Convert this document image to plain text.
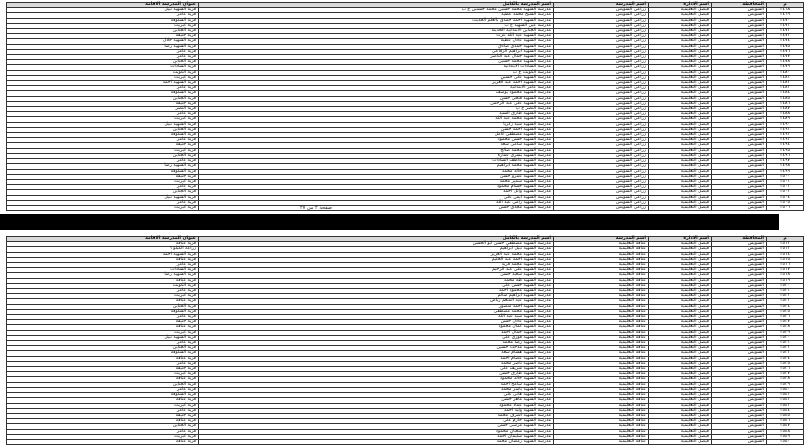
عنوان المدرسة الاقامة	اسم المدرسة بالكامل	اسم المدرسة	اسم الادارة	المحافظة	م
قرية الشهيد نبيل	مدرسة الشهيد محمد حسين محمد حسنين ع ب	زراعى السويس	فيصل التعليمية	السويس	٢٤٦٨
قرية عامر	مدرسة الشيخ محمد عطية	زراعى السويس	فيصل التعليمية	السويس	٢٤٦٩
قرية الشلوفة	مدرسة الشهيد احمد حمدى بالعلم الحديث	زراعى السويس	فيصل التعليمية	السويس	٢٤٧٠
قرية كبريت	مدرسة عين الشهيد ع ب	زراعى السويس	فيصل التعليمية	السويس	٢٤٧١
قرية الجناين	مدرسة الجناين الابتدائية الحديثة	زراعى السويس	فيصل التعليمية	السويس	٢٤٧٢
قرية جنيفة	مدرسة الشهيد عبد الله عزت	زراعى السويس	فيصل التعليمية	السويس	٢٤٧٣
قرية الشهيد جلال	مدرسة الشهيد عادل عطية	زراعى السويس	فيصل التعليمية	السويس	٢٤٧٤
قرية الشهيد رضا	مدرسة الشهيد حمدى صادق	زراعى السويس	فيصل التعليمية	السويس	٢٤٧٥
قرية عامر	مدرسة الشهيد ابراهيم الرفاعى	زراعى السويس	فيصل التعليمية	السويس	٢٤٧٦
قرية عامر	مدرسة الشهيد جمال عبد الناصر	زراعى السويس	فيصل التعليمية	السويس	٢٤٧٧
قرية الجناين	مدرسة الشهيد محمد حسين	زراعى السويس	فيصل التعليمية	السويس	٢٤٧٨
قرية السادات	مدرسة السادات الابتدائية	زراعى السويس	فيصل التعليمية	السويس	٢٤٧٩
قرية الكويت	مدرسة الكويت ع ب	زراعى السويس	فيصل التعليمية	السويس	٢٤٨٠
قرية كبريت	مدرسة الشهيد على حسين	زراعى السويس	فيصل التعليمية	السويس	٢٤٨١
قرية الشهيد احمد	مدرسة الشهيد احمد عبد العزيز	زراعى السويس	فيصل التعليمية	السويس	٢٤٨٢
قرية عامر	مدرسة عامر الابتدائية	زراعى السويس	فيصل التعليمية	السويس	٢٤٨٣
قرية الشلوفة	مدرسة الشهيد محمود يوسف	زراعى السويس	فيصل التعليمية	السويس	٢٤٨٤
قرية الجناين	مدرسة الشهيد فتحى حسن	زراعى السويس	فيصل التعليمية	السويس	٢٤٨٥
قرية جنيفة	مدرسة الشهيد على عبد الرحمن	زراعى السويس	فيصل التعليمية	السويس	٢٤٨٦
قرية النصر	مدرسة النصر ع ب	زراعى السويس	فيصل التعليمية	السويس	٢٤٨٧
قرية عامر	مدرسة الشهيد طارق السيد	زراعى السويس	فيصل التعليمية	السويس	٢٤٨٨
قرية كبريت	مدرسة الشهيد محمد عبد الله	زراعى السويس	فيصل التعليمية	السويس	٢٤٨٩
قرية الشهيد نبيل	مدرسة الشهيد سيد زكريا	زراعى السويس	فيصل التعليمية	السويس	٢٤٩٠
قرية الجناين	مدرسة الشهيد احمد حسن	زراعى السويس	فيصل التعليمية	السويس	٢٤٩١
قرية الشلوفة	مدرسة الشهيد مصطفى كامل	زراعى السويس	فيصل التعليمية	السويس	٢٤٩٢
قرية عامر	مدرسة الشهيد حسن محمود	زراعى السويس	فيصل التعليمية	السويس	٢٤٩٣
قرية جنيفة	مدرسة الشهيد سامى سعد	زراعى السويس	فيصل التعليمية	السويس	٢٤٩٤
قرية كبريت	مدرسة الشهيد محمد صالح	زراعى السويس	فيصل التعليمية	السويس	٢٤٩٥
قرية الجناين	مدرسة الشهيد يسرى عمارة	زراعى السويس	فيصل التعليمية	السويس	٢٤٩٦
قرية عامر	مدرسة الشهيد عاطف السادات	زراعى السويس	فيصل التعليمية	السويس	٢٤٩٧
قرية الشهيد رضا	مدرسة الشهيد محمد ابراهيم	زراعى السويس	فيصل التعليمية	السويس	٢٤٩٨
قرية الشلوفة	مدرسة الشهيد خالد محمد	زراعى السويس	فيصل التعليمية	السويس	٢٤٩٩
قرية جنيفة	مدرسة الشهيد عمرو حسن	زراعى السويس	فيصل التعليمية	السويس	٢٥٠٠
قرية كبريت	مدرسة الشهيد سمير محمد	زراعى السويس	فيصل التعليمية	السويس	٢٥٠١
قرية عامر	مدرسة الشهيد حسام محمود	زراعى السويس	فيصل التعليمية	السويس	٢٥٠٢
قرية الجناين	مدرسة الشهيد وائل احمد	زراعى السويس	فيصل التعليمية	السويس	٢٥٠٣
قرية الشهيد نبيل	مدرسة الشهيد ايمن على	زراعى السويس	فيصل التعليمية	السويس	٢٥٠٤
قرية عامر	مدرسة الشهيد رامى عبد الله	زراعى السويس	فيصل التعليمية	السويس	٢٥٠٥
قرية كبريت	مدرسة الشهيد مجدى حسن	زراعى السويس	فيصل التعليمية	السويس	٢٥٠٦
صفحة ٢ من ٢٧
عنوان المدرسة الاقامة	اسم المدرسة بالكامل	اسم المدرسة	اسم الادارة	المحافظة	م
قرية عتاقة	مدرسة الشهيد مصطفى حسن ابو الحسن	عتاقة التعليمية	فيصل التعليمية	السويس	٢٥١٢
زراعة الكيلو ٦	مدرسة الشهيد نبيل ابراهيم	عتاقة التعليمية	فيصل التعليمية	السويس	٢٥١٣
قرية الشهيد احمد	مدرسة الشهيد محمد عبد العزيز	عتاقة التعليمية	فيصل التعليمية	السويس	٢٥١٤
قرية عتاقة	مدرسة الشهيد احمد عبد الحليم	عتاقة التعليمية	فيصل التعليمية	السويس	٢٥١٥
قرية عامر	مدرسة الشهيد محمد فريد	عتاقة التعليمية	فيصل التعليمية	السويس	٢٥١٦
قرية السادات	مدرسة الشهيد على عبد الرحيم	عتاقة التعليمية	فيصل التعليمية	السويس	٢٥١٧
قرية الشهيد رضا	مدرسة الشهيد سعيد حسن	عتاقة التعليمية	فيصل التعليمية	السويس	٢٥١٨
قرية عتاقة	مدرسة الشهيد طه محمد	عتاقة التعليمية	فيصل التعليمية	السويس	٢٥١٩
قرية الكويت	مدرسة الشهيد حسن على	عتاقة التعليمية	فيصل التعليمية	السويس	٢٥٢٠
قرية عامر	مدرسة الشهيد محمود احمد	عتاقة التعليمية	فيصل التعليمية	السويس	٢٥٢١
قرية كبريت	مدرسة الشهيد ابراهيم سالم	عتاقة التعليمية	فيصل التعليمية	السويس	٢٥٢٢
قرية عتاقة	مدرسة الشهيد عبد المنعم رياض	عتاقة التعليمية	فيصل التعليمية	السويس	٢٥٢٣
قرية الجناين	مدرسة الشهيد احمد منصور	عتاقة التعليمية	فيصل التعليمية	السويس	٢٥٢٤
قرية الشلوفة	مدرسة الشهيد محمد مصطفى	عتاقة التعليمية	فيصل التعليمية	السويس	٢٥٢٥
قرية عامر	مدرسة الشهيد سيد عبد الله	عتاقة التعليمية	فيصل التعليمية	السويس	٢٥٢٦
قرية جنيفة	مدرسة الشهيد عادل حسن	عتاقة التعليمية	فيصل التعليمية	السويس	٢٥٢٧
قرية عتاقة	مدرسة الشهيد كمال محمود	عتاقة التعليمية	فيصل التعليمية	السويس	٢٥٢٨
قرية كبريت	مدرسة الشهيد جمال احمد	عتاقة التعليمية	فيصل التعليمية	السويس	٢٥٢٩
قرية الشهيد نبيل	مدرسة الشهيد فوزى على	عتاقة التعليمية	فيصل التعليمية	السويس	٢٥٣٠
قرية عامر	مدرسة الشهيد رضا محمد	عتاقة التعليمية	فيصل التعليمية	السويس	٢٥٣١
قرية الجناين	مدرسة الشهيد مدحت حسين	عتاقة التعليمية	فيصل التعليمية	السويس	٢٥٣٢
قرية الشلوفة	مدرسة الشهيد هشام سعد	عتاقة التعليمية	فيصل التعليمية	السويس	٢٥٣٣
قرية عتاقة	مدرسة الشهيد عصام احمد	عتاقة التعليمية	فيصل التعليمية	السويس	٢٥٣٤
قرية عامر	مدرسة الشهيد ناصر محمد	عتاقة التعليمية	فيصل التعليمية	السويس	٢٥٣٥
قرية جنيفة	مدرسة الشهيد شريف على	عتاقة التعليمية	فيصل التعليمية	السويس	٢٥٣٦
قرية كبريت	مدرسة الشهيد طارق حسن	عتاقة التعليمية	فيصل التعليمية	السويس	٢٥٣٧
قرية عتاقة	مدرسة الشهيد خالد محمود	عتاقة التعليمية	فيصل التعليمية	السويس	٢٥٣٨
قرية الجناين	مدرسة الشهيد سامح احمد	عتاقة التعليمية	فيصل التعليمية	السويس	٢٥٣٩
قرية عامر	مدرسة الشهيد ياسر محمد	عتاقة التعليمية	فيصل التعليمية	السويس	٢٥٤٠
قرية الشلوفة	مدرسة الشهيد هانى على	عتاقة التعليمية	فيصل التعليمية	السويس	٢٥٤١
قرية عتاقة	مدرسة الشهيد ماهر حسن	عتاقة التعليمية	فيصل التعليمية	السويس	٢٥٤٢
قرية كبريت	مدرسة الشهيد عماد محمود	عتاقة التعليمية	فيصل التعليمية	السويس	٢٥٤٣
قرية عامر	مدرسة الشهيد وليد احمد	عتاقة التعليمية	فيصل التعليمية	السويس	٢٥٤٤
قرية جنيفة	مدرسة الشهيد اشرف محمد	عتاقة التعليمية	فيصل التعليمية	السويس	٢٥٤٥
قرية عتاقة	مدرسة الشهيد حازم على	عتاقة التعليمية	فيصل التعليمية	السويس	٢٥٤٦
قرية الجناين	مدرسة الشهيد مرسى حسن	عتاقة التعليمية	فيصل التعليمية	السويس	٢٥٤٧
قرية عامر	مدرسة الشهيد شعبان محمود	عتاقة التعليمية	فيصل التعليمية	السويس	٢٥٤٨
قرية كبريت	مدرسة الشهيد سليمان احمد	عتاقة التعليمية	فيصل التعليمية	السويس	٢٥٤٩
قرية عتاقة	مدرسة الشهيد رمضان محمد	عتاقة التعليمية	فيصل التعليمية	السويس	٢٥٥٠
